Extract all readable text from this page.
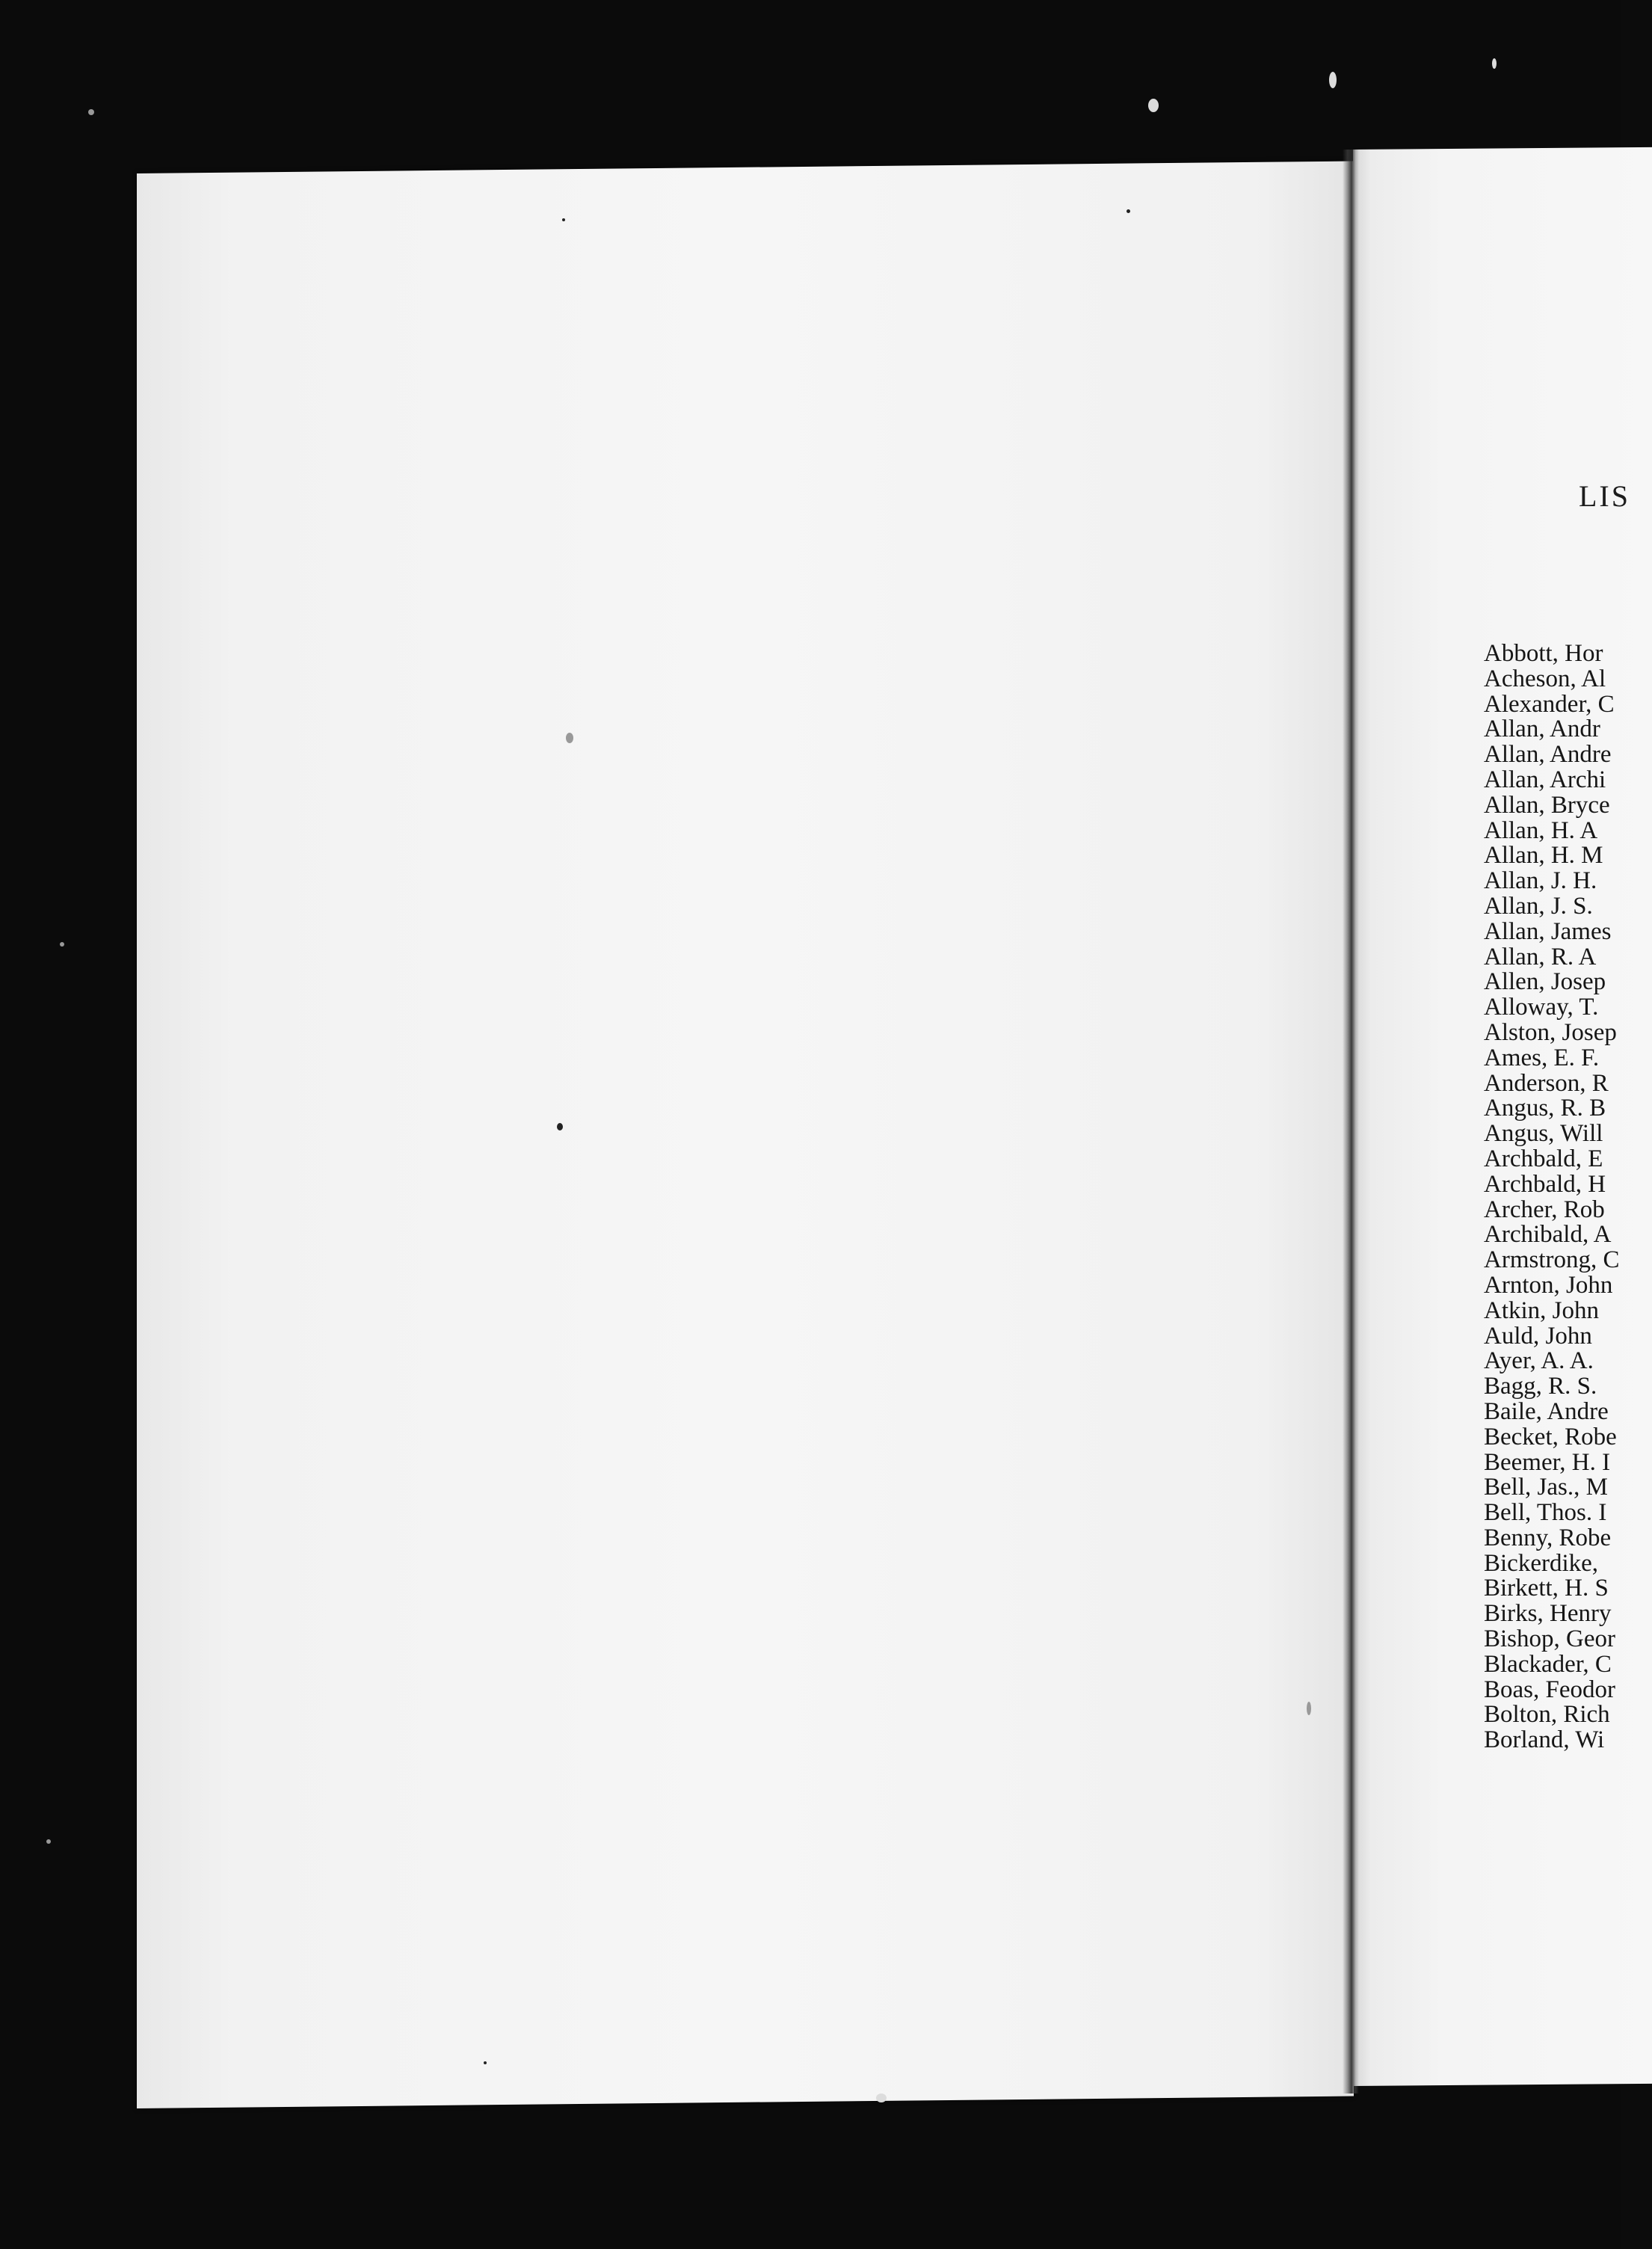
LIS
Abbott, Hor
Acheson, Al
Alexander, C
Allan, Andr
Allan, Andre
Allan, Archi
Allan, Bryce
Allan, H. A
Allan, H. M
Allan, J. H.
Allan, J. S.
Allan, James
Allan, R. A
Allen, Josep
Alloway, T.
Alston, Josep
Ames, E. F.
Anderson, R
Angus, R. B
Angus, Will
Archbald, E
Archbald, H
Archer, Rob
Archibald, A
Armstrong, C
Arnton, John
Atkin, John
Auld, John
Ayer, A. A.
Bagg, R. S.
Baile, Andre
Becket, Robe
Beemer, H. I
Bell, Jas., M
Bell, Thos. I
Benny, Robe
Bickerdike,
Birkett, H. S
Birks, Henry
Bishop, Geor
Blackader, C
Boas, Feodor
Bolton, Rich
Borland, Wi
